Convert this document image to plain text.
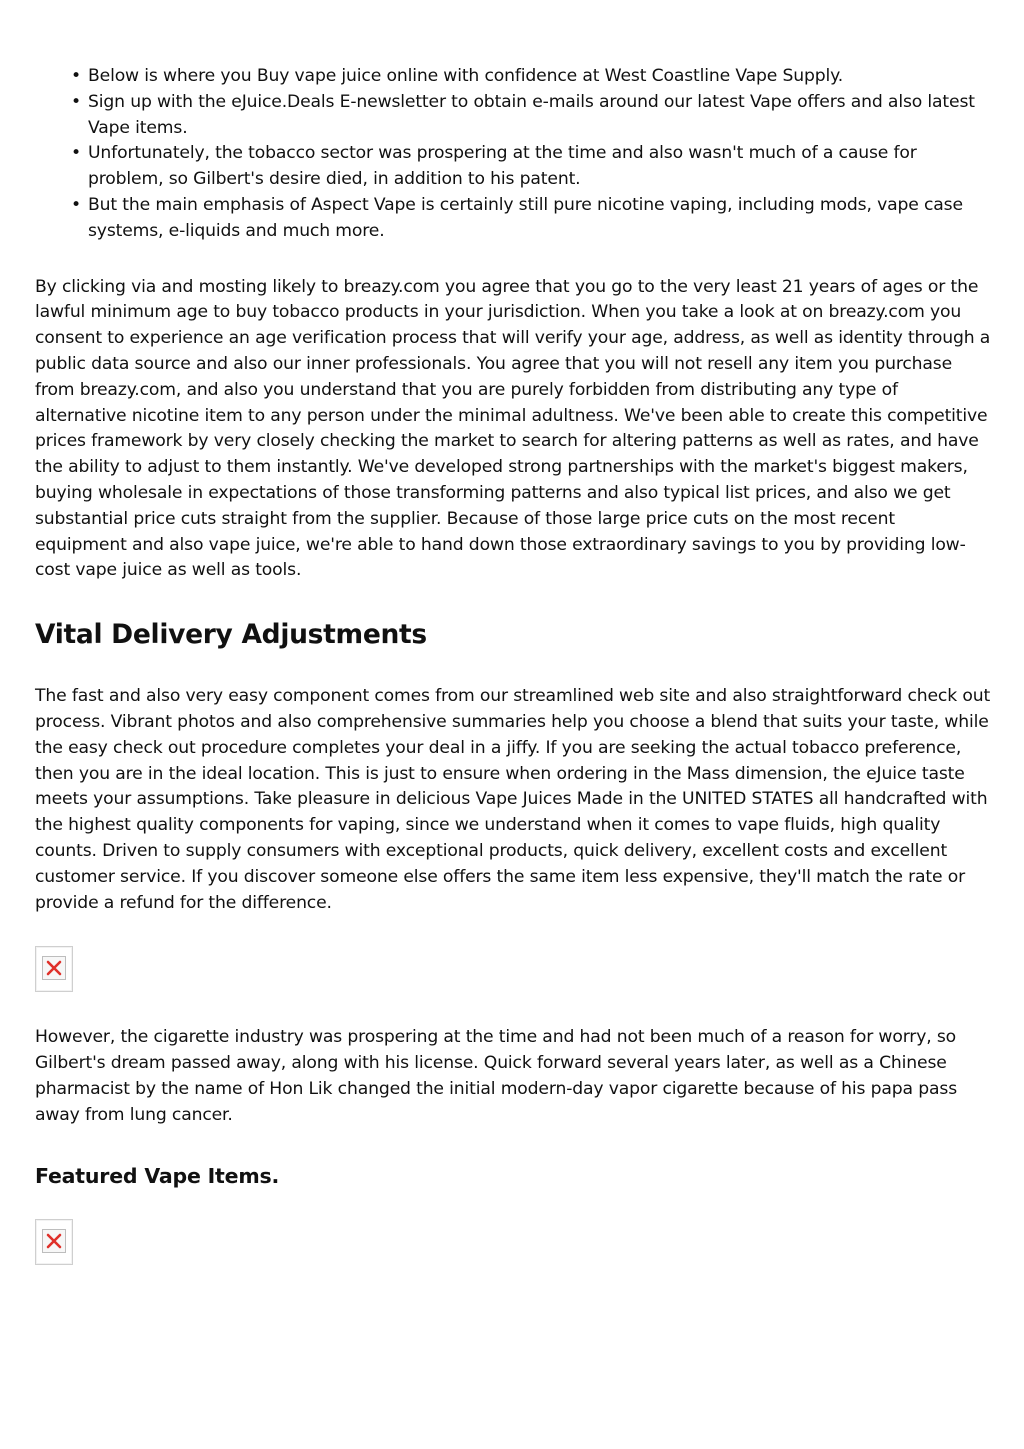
• Below is where you Buy vape juice online with confidence at West Coastline Vape Supply.
• Sign up with the eJuice.Deals E-newsletter to obtain e-mails around our latest Vape offers and also latest Vape items.
• Unfortunately, the tobacco sector was prospering at the time and also wasn't much of a cause for problem, so Gilbert's desire died, in addition to his patent.
• But the main emphasis of Aspect Vape is certainly still pure nicotine vaping, including mods, vape case systems, e-liquids and much more.

By clicking via and mosting likely to breazy.com you agree that you go to the very least 21 years of ages or the lawful minimum age to buy tobacco products in your jurisdiction. When you take a look at on breazy.com you consent to experience an age verification process that will verify your age, address, as well as identity through a public data source and also our inner professionals. You agree that you will not resell any item you purchase from breazy.com, and also you understand that you are purely forbidden from distributing any type of alternative nicotine item to any person under the minimal adultness. We've been able to create this competitive prices framework by very closely checking the market to search for altering patterns as well as rates, and have the ability to adjust to them instantly. We've developed strong partnerships with the market's biggest makers, buying wholesale in expectations of those transforming patterns and also typical list prices, and also we get substantial price cuts straight from the supplier. Because of those large price cuts on the most recent equipment and also vape juice, we're able to hand down those extraordinary savings to you by providing low-cost vape juice as well as tools.

Vital Delivery Adjustments

The fast and also very easy component comes from our streamlined web site and also straightforward check out process. Vibrant photos and also comprehensive summaries help you choose a blend that suits your taste, while the easy check out procedure completes your deal in a jiffy. If you are seeking the actual tobacco preference, then you are in the ideal location. This is just to ensure when ordering in the Mass dimension, the eJuice taste meets your assumptions. Take pleasure in delicious Vape Juices Made in the UNITED STATES all handcrafted with the highest quality components for vaping, since we understand when it comes to vape fluids, high quality counts. Driven to supply consumers with exceptional products, quick delivery, excellent costs and excellent customer service. If you discover someone else offers the same item less expensive, they'll match the rate or provide a refund for the difference.

However, the cigarette industry was prospering at the time and had not been much of a reason for worry, so Gilbert's dream passed away, along with his license. Quick forward several years later, as well as a Chinese pharmacist by the name of Hon Lik changed the initial modern-day vapor cigarette because of his papa pass away from lung cancer.

Featured Vape Items.
